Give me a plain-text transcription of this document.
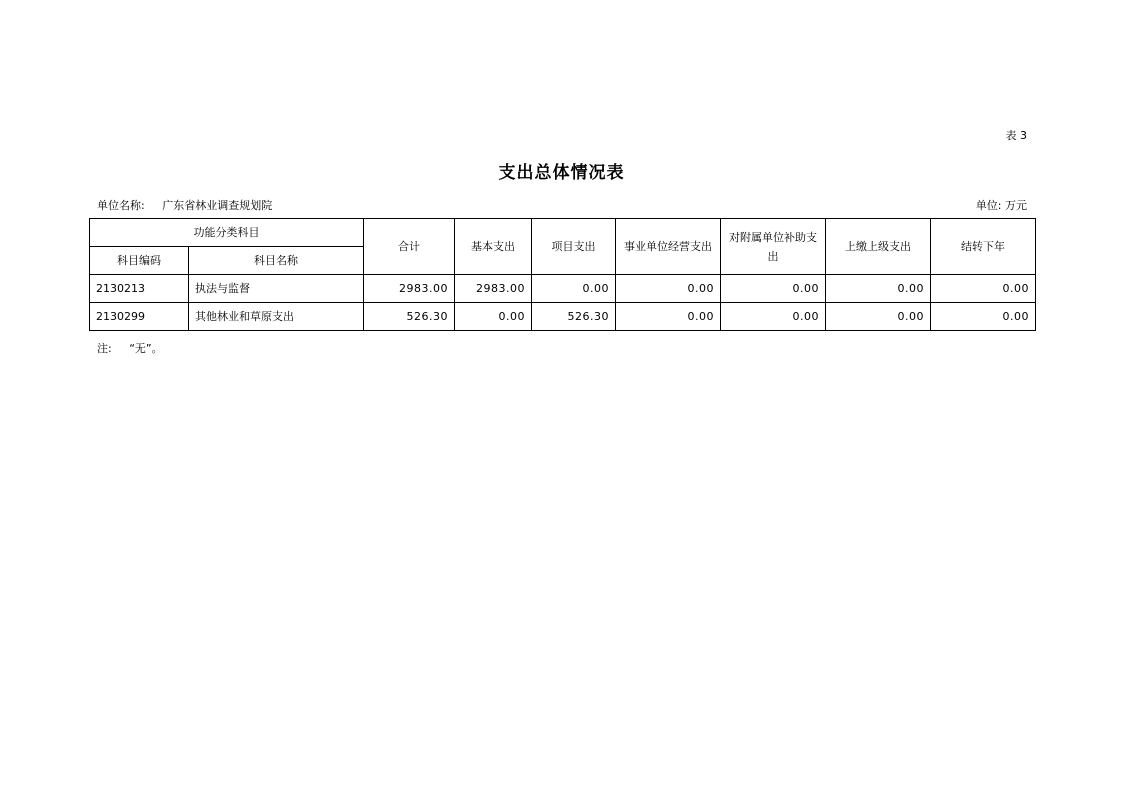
表 3
支出总体情况表
单位名称: 广东省林业调查规划院	单位: 万元
功能分类科目		合计	基本支出	项目支出	事业单位经营支出	对附属单位补助支出	上缴上级支出	结转下年
科目编码	科目名称							
2130213	执法与监督	2983.00	2983.00	0.00	0.00	0.00	0.00	0.00
2130299	其他林业和草原支出	526.30	0.00	526.30	0.00	0.00	0.00	0.00
注: “无”。
